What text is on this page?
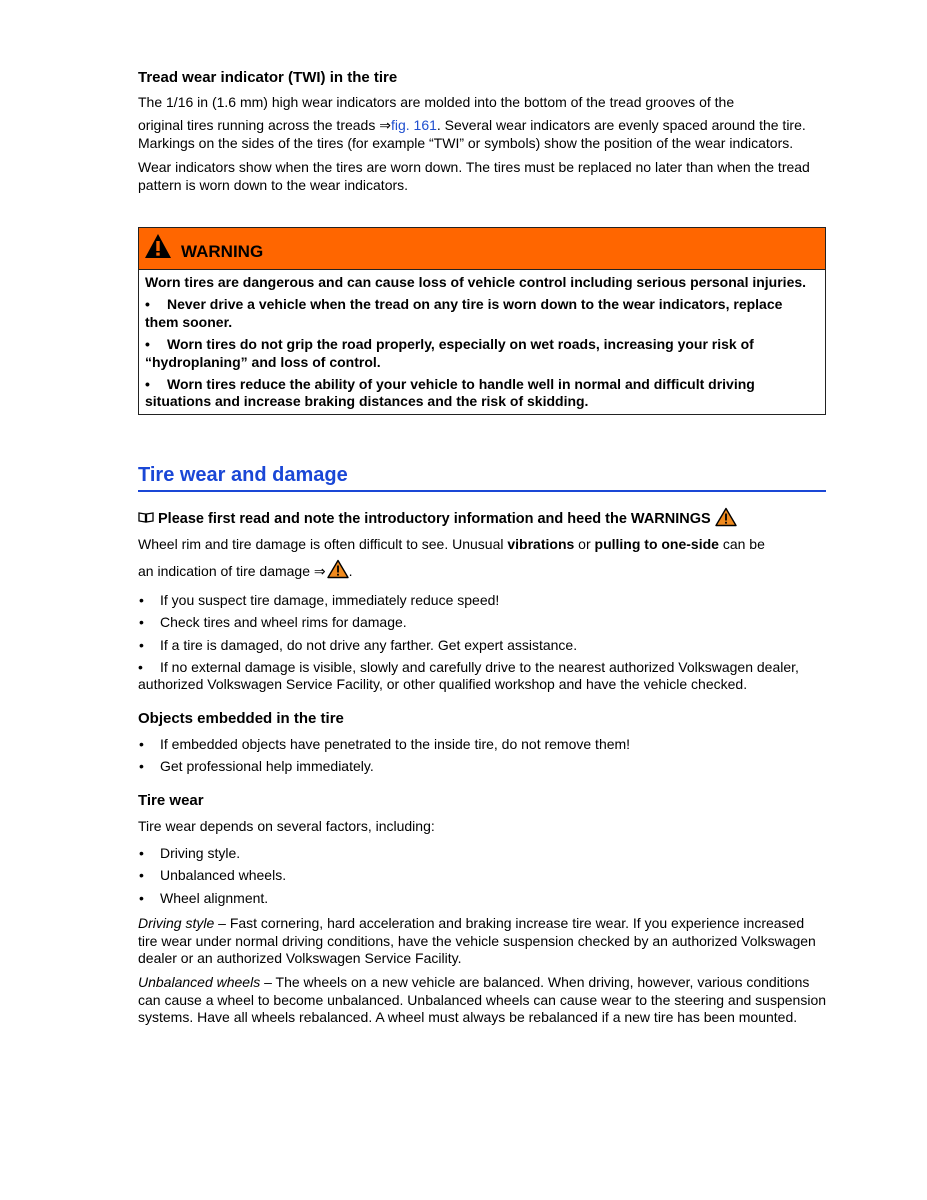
Tread wear indicator (TWI) in the tire

The 1/16 in (1.6 mm) high wear indicators are molded into the bottom of the tread grooves of the

original tires running across the treads ⇒fig. 161. Several wear indicators are evenly spaced around the tire. Markings on the sides of the tires (for example “TWI” or symbols) show the position of the wear indicators.

Wear indicators show when the tires are worn down. The tires must be replaced no later than when the tread pattern is worn down to the wear indicators.

WARNING
Worn tires are dangerous and can cause loss of vehicle control including serious personal injuries.
• Never drive a vehicle when the tread on any tire is worn down to the wear indicators, replace them sooner.
• Worn tires do not grip the road properly, especially on wet roads, increasing your risk of “hydroplaning” and loss of control.
• Worn tires reduce the ability of your vehicle to handle well in normal and difficult driving situations and increase braking distances and the risk of skidding.
Tire wear and damage
Please first read and note the introductory information and heed the WARNINGS

Wheel rim and tire damage is often difficult to see. Unusual vibrations or pulling to one-side can be

an indication of tire damage ⇒ .

• If you suspect tire damage, immediately reduce speed!
• Check tires and wheel rims for damage.
• If a tire is damaged, do not drive any farther. Get expert assistance.

• If no external damage is visible, slowly and carefully drive to the nearest authorized Volkswagen dealer, authorized Volkswagen Service Facility, or other qualified workshop and have the vehicle checked.

Objects embedded in the tire
• If embedded objects have penetrated to the inside tire, do not remove them!
• Get professional help immediately.
Tire wear

Tire wear depends on several factors, including:

• Driving style.
• Unbalanced wheels.
• Wheel alignment.

Driving style – Fast cornering, hard acceleration and braking increase tire wear. If you experience increased tire wear under normal driving conditions, have the vehicle suspension checked by an authorized Volkswagen dealer or an authorized Volkswagen Service Facility.

Unbalanced wheels – The wheels on a new vehicle are balanced. When driving, however, various conditions can cause a wheel to become unbalanced. Unbalanced wheels can cause wear to the steering and suspension systems. Have all wheels rebalanced. A wheel must always be rebalanced if a new tire has been mounted.
